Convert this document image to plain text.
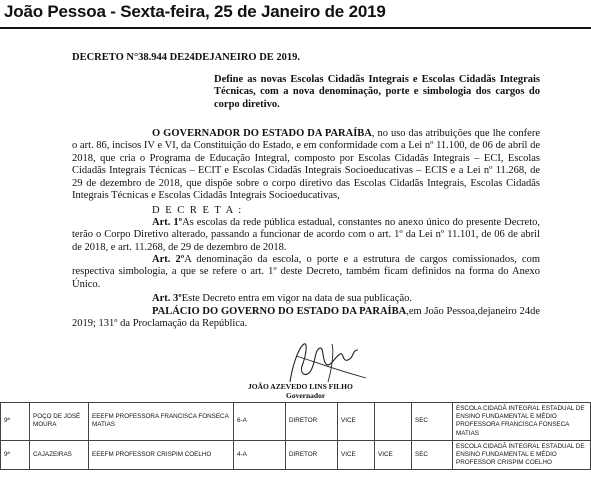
João Pessoa - Sexta-feira, 25 de Janeiro de 2019
DECRETO N°38.944 DE24DEJANEIRO DE 2019.
Define as novas Escolas Cidadãs Integrais e Escolas Cidadãs Integrais Técnicas, com a nova denominação, porte e simbologia dos cargos do corpo diretivo.
O GOVERNADOR DO ESTADO DA PARAÍBA, no uso das atribuições que lhe confere o art. 86, incisos IV e VI, da Constituição do Estado, e em conformidade com a Lei nº 11.100, de 06 de abril de 2018, que cria o Programa de Educação Integral, composto por Escolas Cidadãs Integrais – ECI, Escolas Cidadãs Integrais Técnicas – ECIT e Escolas Cidadãs Integrais Socioeducativas – ECIS e a Lei nº 11.268, de 29 de dezembro de 2018, que dispõe sobre o corpo diretivo das Escolas Cidadãs Integrais, Escolas Cidadãs Integrais Técnicas e Escolas Cidadãs Integrais Socioeducativas,
D E C R E T A :
Art. 1ºAs escolas da rede pública estadual, constantes no anexo único do presente Decreto, terão o Corpo Diretivo alterado, passando a funcionar de acordo com o art. 1º da Lei nº 11.101, de 06 de abril de 2018, e art. 11.268, de 29 de dezembro de 2018.
Art. 2ºA denominação da escola, o porte e a estrutura de cargos comissionados, com respectiva simbologia, a que se refere o art. 1º deste Decreto, também ficam definidos na forma do Anexo Único.
Art. 3ºEste Decreto entra em vigor na data de sua publicação.
PALÁCIO DO GOVERNO DO ESTADO DA PARAÍBA,em João Pessoa,dejaneiro 24de 2019; 131º da Proclamação da República.
JOÃO AZEVEDO LINS FILHO
Governador
9ª	POÇO DE JOSÉ MOURA	EEEFM PROFESSORA FRANCISCA FONSECA MATIAS	6-A	DIRETOR	VICE		SEC	ESCOLA CIDADÃ INTEGRAL ESTADUAL DE ENSINO FUNDAMENTAL E MÉDIO PROFESSORA FRANCISCA FONSECA MATIAS
9ª	CAJAZEIRAS	EEEFM PROFESSOR CRISPIM COELHO	4-A	DIRETOR	VICE	VICE	SEC	ESCOLA CIDADÃ INTEGRAL ESTADUAL DE ENSINO FUNDAMENTAL E MÉDIO PROFESSOR CRISPIM COELHO
